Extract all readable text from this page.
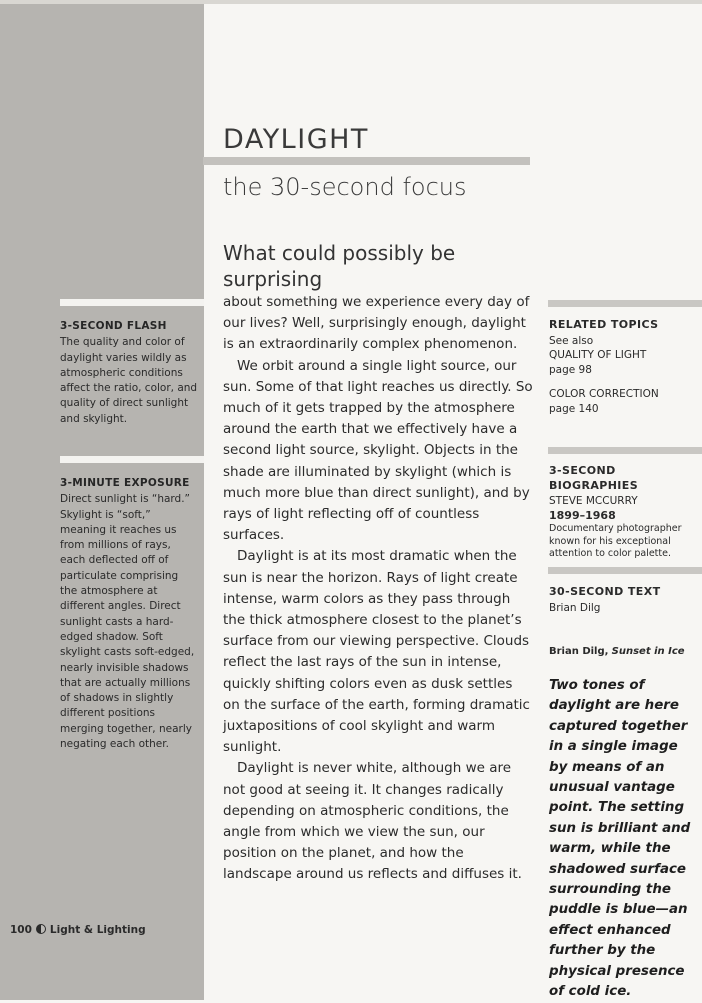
3-SECOND FLASH
The quality and color of daylight varies wildly as atmospheric conditions affect the ratio, color, and quality of direct sunlight and skylight.
3-MINUTE EXPOSURE
Direct sunlight is “hard.” Skylight is “soft,” meaning it reaches us from millions of rays, each deflected off of particulate comprising the atmosphere at different angles. Direct sunlight casts a hard-edged shadow. Soft skylight casts soft-edged, nearly invisible shadows that are actually millions of shadows in slightly different positions merging together, nearly negating each other.
100 Light & Lighting
DAYLIGHT
the 30-second focus
What could possibly be surprising

about something we experience every day of our lives? Well, surprisingly enough, daylight is an extraordinarily complex phenomenon.

We orbit around a single light source, our sun. Some of that light reaches us directly. So much of it gets trapped by the atmosphere around the earth that we effectively have a second light source, skylight. Objects in the shade are illuminated by skylight (which is much more blue than direct sunlight), and by rays of light reflecting off of countless surfaces.

Daylight is at its most dramatic when the sun is near the horizon. Rays of light create intense, warm colors as they pass through the thick atmosphere closest to the planet’s surface from our viewing perspective. Clouds reflect the last rays of the sun in intense, quickly shifting colors even as dusk settles on the surface of the earth, forming dramatic juxtapositions of cool skylight and warm sunlight.

Daylight is never white, although we are not good at seeing it. It changes radically depending on atmospheric conditions, the angle from which we view the sun, our position on the planet, and how the landscape around us reflects and diffuses it.

RELATED TOPICS
See also
QUALITY OF LIGHT
page 98
COLOR CORRECTION
page 140
3-SECOND BIOGRAPHIES
STEVE MCCURRY
1899–1968
Documentary photographer known for his exceptional attention to color palette.
30-SECOND TEXT
Brian Dilg
Brian Dilg, Sunset in Ice
Two tones of daylight are here captured together in a single image by means of an unusual vantage point. The setting sun is brilliant and warm, while the shadowed surface surrounding the puddle is blue—an effect enhanced further by the physical presence of cold ice.
